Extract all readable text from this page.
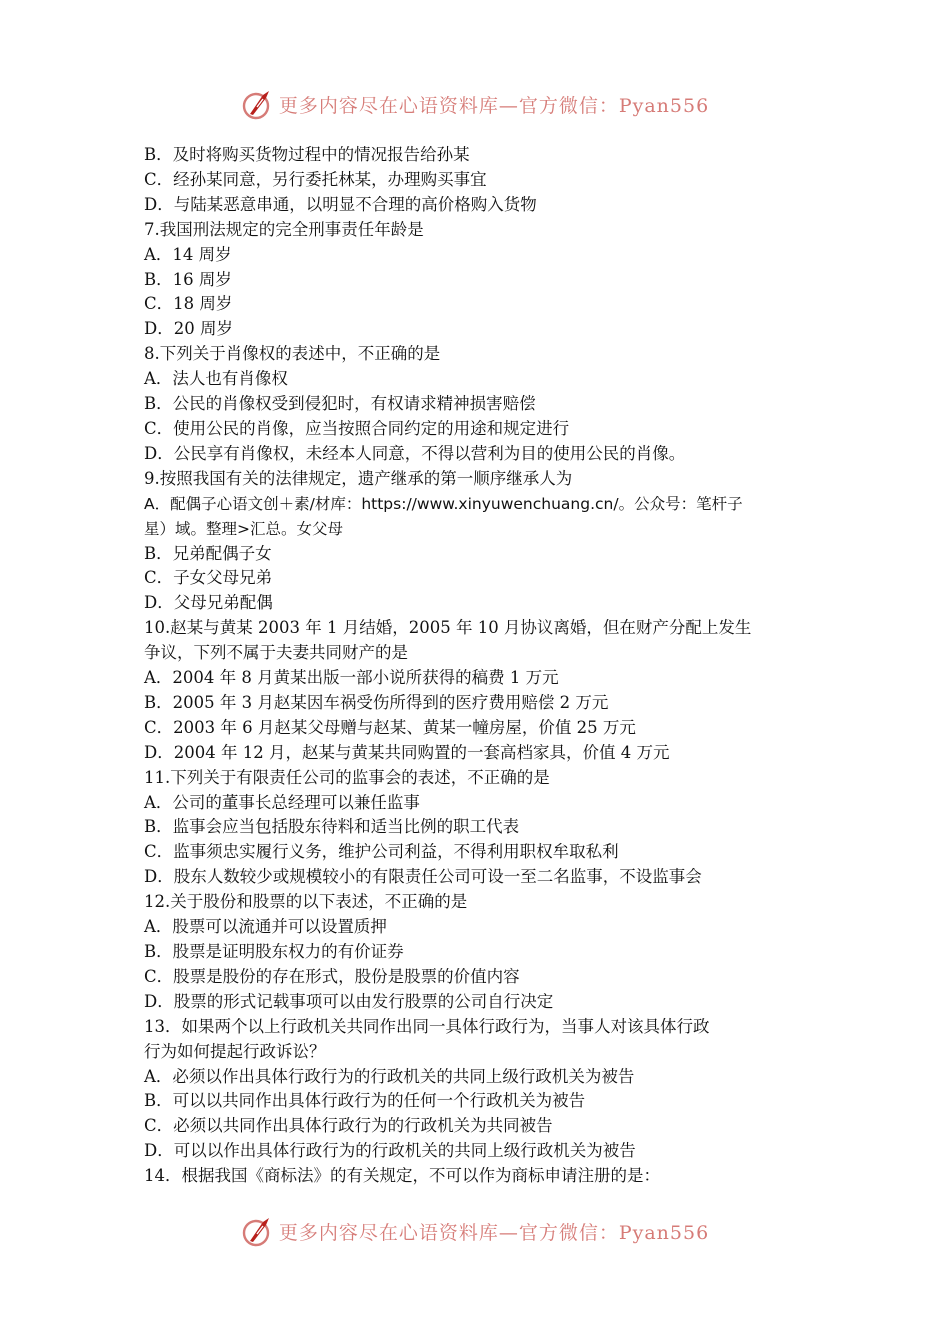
更多内容尽在心语资料库—官方微信：Pyan556

B．及时将购买货物过程中的情况报告给孙某

C．经孙某同意，另行委托林某，办理购买事宜

D．与陆某恶意串通，以明显不合理的高价格购入货物

7.我国刑法规定的完全刑事责任年龄是

A．14 周岁

B．16 周岁

C．18 周岁

D．20 周岁

8.下列关于肖像权的表述中，不正确的是

A．法人也有肖像权

B．公民的肖像权受到侵犯时，有权请求精神损害赔偿

C．使用公民的肖像，应当按照合同约定的用途和规定进行

D．公民享有肖像权，未经本人同意，不得以营利为目的使用公民的肖像。

9.按照我国有关的法律规定，遗产继承的第一顺序继承人为

A．配偶子心语文创＋素/材库：https://www.xinyuwenchuang.cn/。公众号：笔杆子

星）域。整理>汇总。女父母

B．兄弟配偶子女

C．子女父母兄弟

D．父母兄弟配偶

10.赵某与黄某 2003 年 1 月结婚，2005 年 10 月协议离婚，但在财产分配上发生

争议，下列不属于夫妻共同财产的是

A．2004 年 8 月黄某出版一部小说所获得的稿费 1 万元

B．2005 年 3 月赵某因车祸受伤所得到的医疗费用赔偿 2 万元

C．2003 年 6 月赵某父母赠与赵某、黄某一幢房屋，价值 25 万元

D．2004 年 12 月，赵某与黄某共同购置的一套高档家具，价值 4 万元

11.下列关于有限责任公司的监事会的表述，不正确的是

A．公司的董事长总经理可以兼任监事

B．监事会应当包括股东待料和适当比例的职工代表

C．监事须忠实履行义务，维护公司利益，不得利用职权牟取私利

D．股东人数较少或规模较小的有限责任公司可设一至二名监事，不设监事会

12.关于股份和股票的以下表述，不正确的是

A．股票可以流通并可以设置质押

B．股票是证明股东权力的有价证券

C．股票是股份的存在形式，股份是股票的价值内容

D．股票的形式记载事项可以由发行股票的公司自行决定

13．如果两个以上行政机关共同作出同一具体行政行为，当事人对该具体行政

行为如何提起行政诉讼？

A．必须以作出具体行政行为的行政机关的共同上级行政机关为被告

B．可以以共同作出具体行政行为的任何一个行政机关为被告

C．必须以共同作出具体行政行为的行政机关为共同被告

D．可以以作出具体行政行为的行政机关的共同上级行政机关为被告

14．根据我国《商标法》的有关规定，不可以作为商标申请注册的是：

更多内容尽在心语资料库—官方微信：Pyan556
